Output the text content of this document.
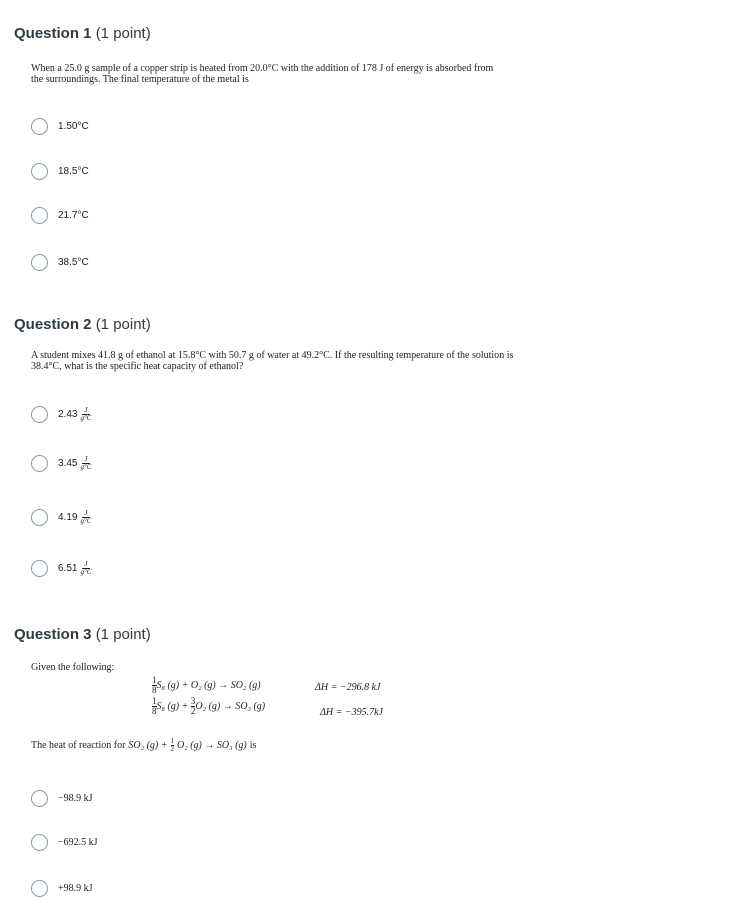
Question 1 (1 point)
When a 25.0 g sample of a copper strip is heated from 20.0°C with the addition of 178 J of energy is absorbed from the surroundings. The final temperature of the metal is
1.50°C
18.5°C
21.7°C
38.5°C
Question 2 (1 point)
A student mixes 41.8 g of ethanol at 15.8°C with 50.7 g of water at 49.2°C. If the resulting temperature of the solution is 38.4°C, what is the specific heat capacity of ethanol?
$2.43 \frac{J}{g^\circ C}$
$3.45 \frac{J}{g^\circ C}$
$4.19 \frac{J}{g^\circ C}$
$6.51 \frac{J}{g^\circ C}$
Question 3 (1 point)
Given the following:
$\frac{1}{8} S_8$ (g) + O₂ (g) → SO₂ (g)	ΔH = −296.8 kJ
$\frac{1}{8} S_8$ $(g) + \frac{3}{2} O_2$ (g) → SO₃ (g)
ΔH = −395.7kJ
The heat of reaction for SO₂ $(g) + \frac{1}{2} O_2$ (g) → SO₃ (g) is
−98.9 kJ
−692.5 kJ
+98.9 kJ
